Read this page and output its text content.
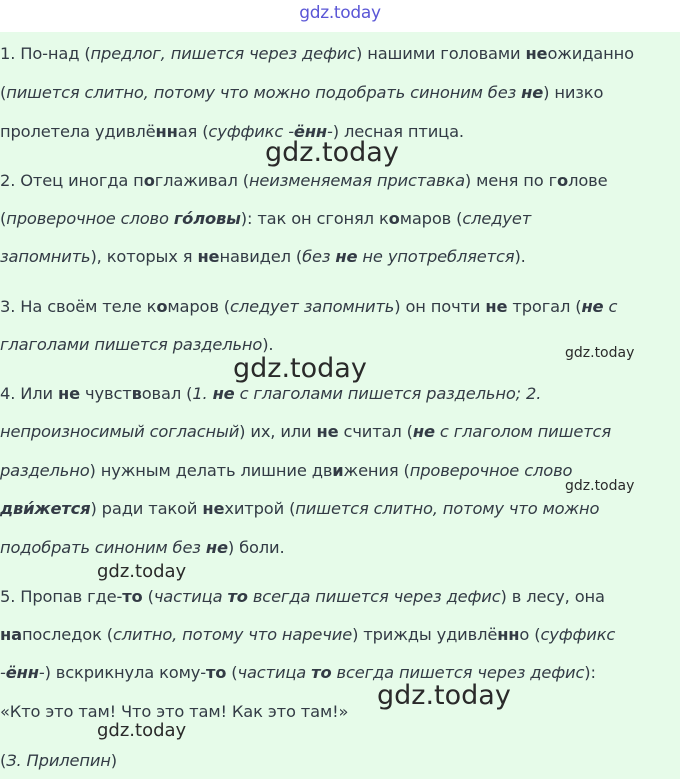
gdz.today
1. По-над (предлог, пишется через дефис) нашими головами неожиданно
(пишется слитно, потому что можно подобрать синоним без не) низко
пролетела удивлённая (суффикс -ённ-) лесная птица.
2. Отец иногда поглаживал (неизменяемая приставка) меня по голове
(проверочное слово го́ловы): так он сгонял комаров (следует
запомнить), которых я ненавидел (без не не употребляется).
3. На своём теле комаров (следует запомнить) он почти не трогал (не с
глаголами пишется раздельно).
4. Или не чувствовал (1. не с глаголами пишется раздельно; 2.
непроизносимый согласный) их, или не считал (не с глаголом пишется
раздельно) нужным делать лишние движения (проверочное слово
дви́жется) ради такой нехитрой (пишется слитно, потому что можно
подобрать синоним без не) боли.
5. Пропав где-то (частица то всегда пишется через дефис) в лесу, она
напоследок (слитно, потому что наречие) трижды удивлённо (суффикс
-ённ-) вскрикнула кому-то (частица то всегда пишется через дефис):
«Кто это там! Что это там! Как это там!»
(З. Прилепин)
gdz.today
gdz.today
gdz.today
gdz.today
gdz.today
gdz.today
gdz.today
